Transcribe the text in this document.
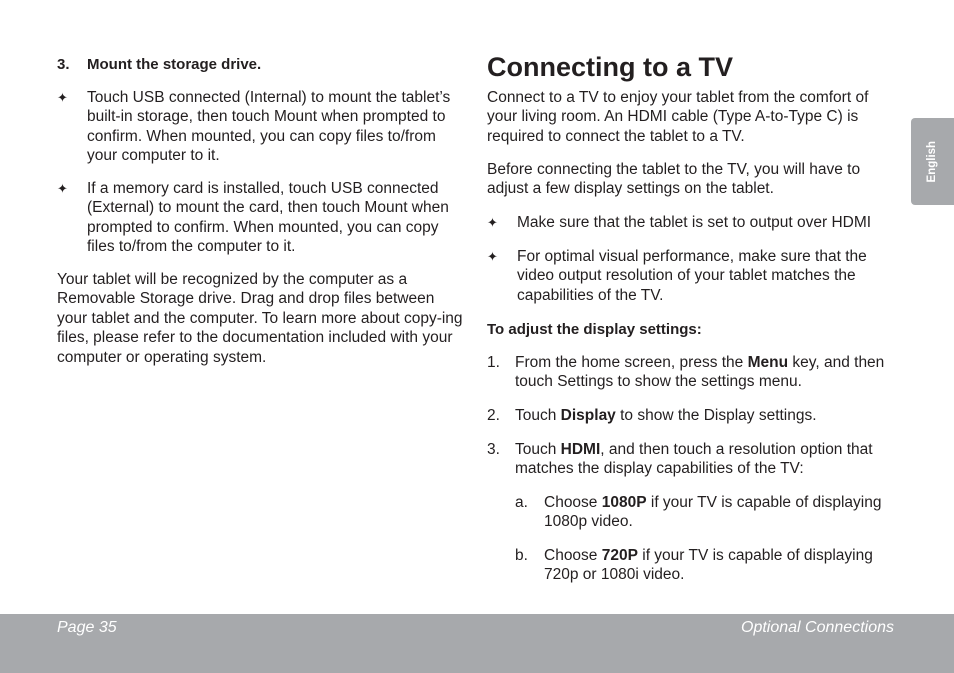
3. Mount the storage drive.
✦	Touch USB connected (Internal) to mount the tablet’s built-in storage, then touch Mount when prompted to confirm. When mounted, you can copy files to/from your computer to it.
✦	If a memory card is installed, touch USB connected (External) to mount the card, then touch Mount when prompted to confirm. When mounted, you can copy files to/from the computer to it.
Your tablet will be recognized by the computer as a Removable Storage drive. Drag and drop files between your tablet and the computer. To learn more about copy-ing files, please refer to the documentation included with your computer or operating system.
Connecting to a TV
Connect to a TV to enjoy your tablet from the comfort of your living room. An HDMI cable (Type A-to-Type C) is required to connect the tablet to a TV.
Before connecting the tablet to the TV, you will have to adjust a few display settings on the tablet.
✦	Make sure that the tablet is set to output over HDMI
✦	For optimal visual performance, make sure that the video output resolution of your tablet matches the capabilities of the TV.
To adjust the display settings:
1. From the home screen, press the Menu key, and then touch Settings to show the settings menu.
2. Touch Display to show the Display settings.
3. Touch HDMI, and then touch a resolution option that matches the display capabilities of the TV:
a.	Choose 1080P if your TV is capable of displaying 1080p video.
b.	Choose 720P if your TV is capable of displaying 720p or 1080i video.
English
Page 35	Optional Connections
